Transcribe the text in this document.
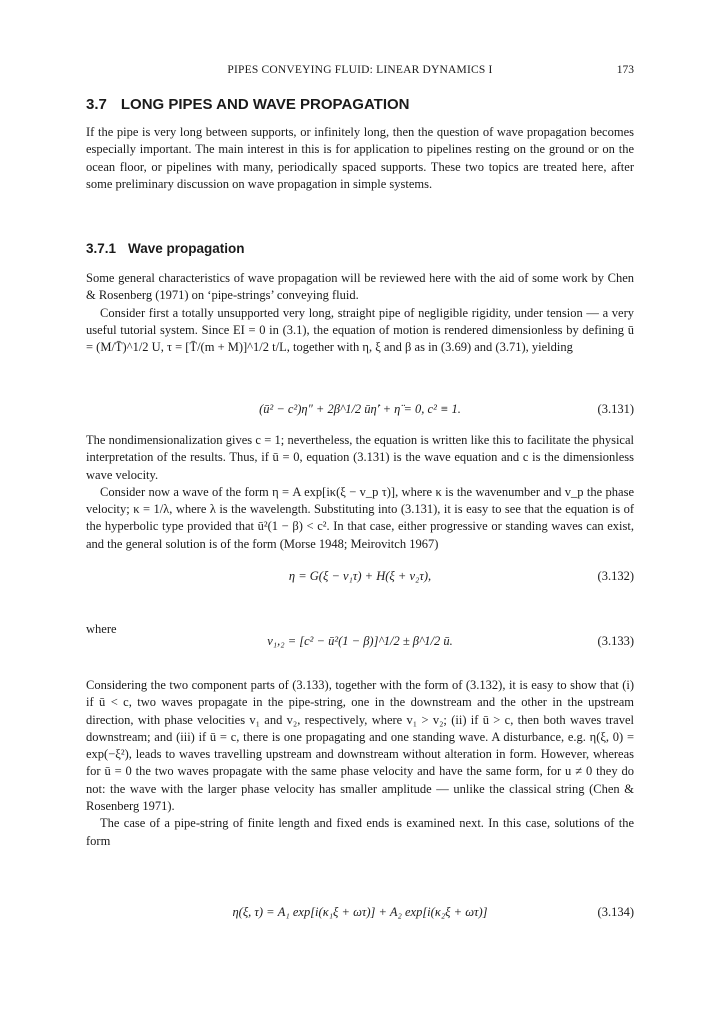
PIPES CONVEYING FLUID: LINEAR DYNAMICS I	173
3.7 LONG PIPES AND WAVE PROPAGATION

If the pipe is very long between supports, or infinitely long, then the question of wave propagation becomes especially important. The main interest in this is for application to pipelines resting on the ground or on the ocean floor, or pipelines with many, periodically spaced supports. These two topics are treated here, after some preliminary discussion on wave propagation in simple systems.

3.7.1 Wave propagation

Some general characteristics of wave propagation will be reviewed here with the aid of some work by Chen & Rosenberg (1971) on ‘pipe-strings’ conveying fluid.

Consider first a totally unsupported very long, straight pipe of negligible rigidity, under tension — a very useful tutorial system. Since EI = 0 in (3.1), the equation of motion is rendered dimensionless by defining ū = (M/T̄)^1/2 U, τ = [T̄/(m + M)]^1/2 t/L, together with η, ξ and β as in (3.69) and (3.71), yielding

(ū² − c²)η″ + 2β^1/2 ūη̇′ + η̈ = 0, c² ≡ 1.	(3.131)

The nondimensionalization gives c = 1; nevertheless, the equation is written like this to facilitate the physical interpretation of the results. Thus, if ū = 0, equation (3.131) is the wave equation and c is the dimensionless wave velocity.

Consider now a wave of the form η = A exp[iκ(ξ − v_p τ)], where κ is the wavenumber and v_p the phase velocity; κ = 1/λ, where λ is the wavelength. Substituting into (3.131), it is easy to see that the equation is of the hyperbolic type provided that ū²(1 − β) < c². In that case, either progressive or standing waves can exist, and the general solution is of the form (Morse 1948; Meirovitch 1967)

η = G(ξ − v₁τ) + H(ξ + v₂τ),	(3.132)
where
v₁,₂ = [c² − ū²(1 − β)]^1/2 ± β^1/2 ū.	(3.133)

Considering the two component parts of (3.133), together with the form of (3.132), it is easy to show that (i) if ū < c, two waves propagate in the pipe-string, one in the downstream and the other in the upstream direction, with phase velocities v₁ and v₂, respectively, where v₁ > v₂; (ii) if ū > c, then both waves travel downstream; and (iii) if ū = c, there is one propagating and one standing wave. A disturbance, e.g. η(ξ, 0) = exp(−ξ²), leads to waves travelling upstream and downstream without alteration in form. However, whereas for ū = 0 the two waves propagate with the same phase velocity and have the same form, for u ≠ 0 they do not: the wave with the larger phase velocity has smaller amplitude — unlike the classical string (Chen & Rosenberg 1971).

The case of a pipe-string of finite length and fixed ends is examined next. In this case, solutions of the form

η(ξ, τ) = A₁ exp[i(κ₁ξ + ωτ)] + A₂ exp[i(κ₂ξ + ωτ)]	(3.134)
